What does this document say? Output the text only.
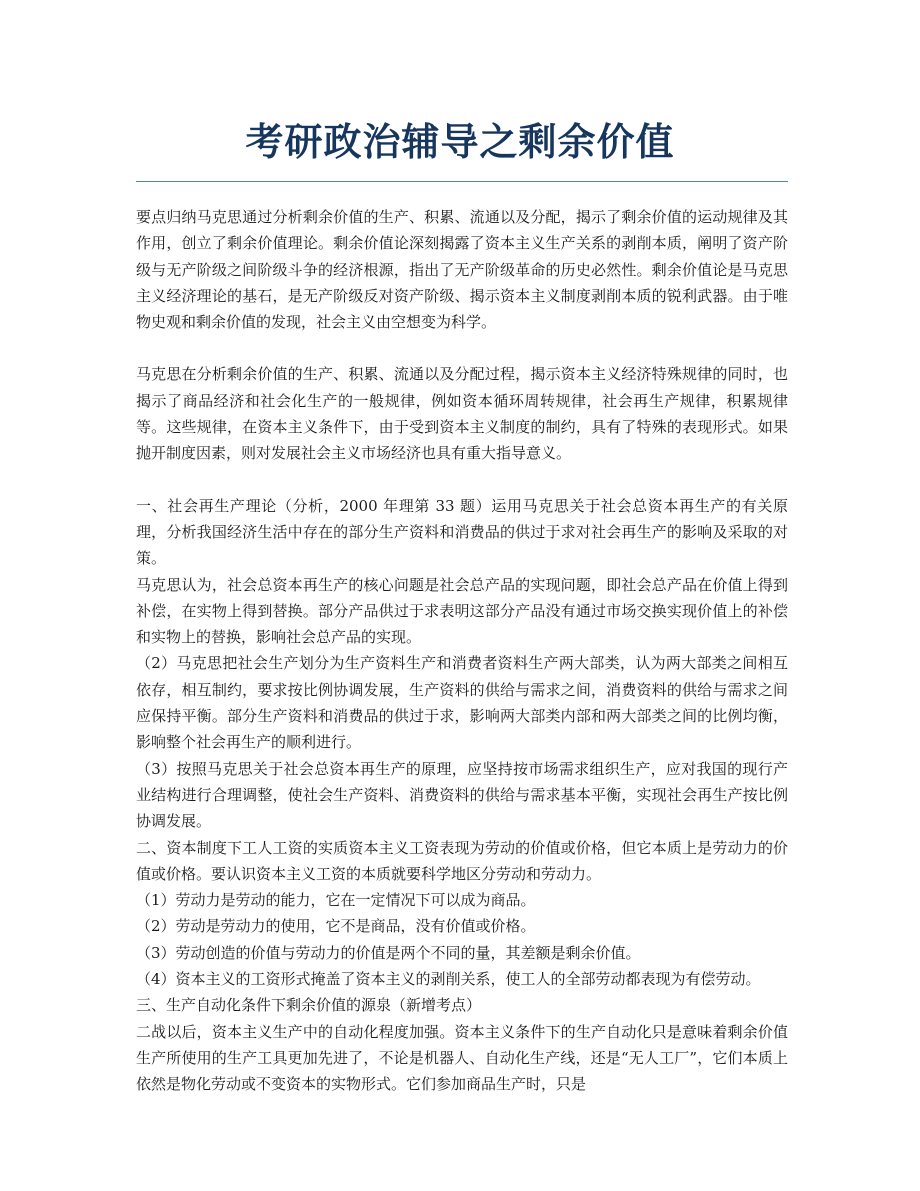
考研政治辅导之剩余价值

要点归纳马克思通过分析剩余价值的生产、积累、流通以及分配，揭示了剩余价值的运动规律及其作用，创立了剩余价值理论。剩余价值论深刻揭露了资本主义生产关系的剥削本质，阐明了资产阶级与无产阶级之间阶级斗争的经济根源，指出了无产阶级革命的历史必然性。剩余价值论是马克思主义经济理论的基石，是无产阶级反对资产阶级、揭示资本主义制度剥削本质的锐利武器。由于唯物史观和剩余价值的发现，社会主义由空想变为科学。

马克思在分析剩余价值的生产、积累、流通以及分配过程，揭示资本主义经济特殊规律的同时，也揭示了商品经济和社会化生产的一般规律，例如资本循环周转规律，社会再生产规律，积累规律等。这些规律，在资本主义条件下，由于受到资本主义制度的制约，具有了特殊的表现形式。如果抛开制度因素，则对发展社会主义市场经济也具有重大指导意义。

一、社会再生产理论（分析，2000 年理第 33 题）运用马克思关于社会总资本再生产的有关原理，分析我国经济生活中存在的部分生产资料和消费品的供过于求对社会再生产的影响及采取的对策。

马克思认为，社会总资本再生产的核心问题是社会总产品的实现问题，即社会总产品在价值上得到补偿，在实物上得到替换。部分产品供过于求表明这部分产品没有通过市场交换实现价值上的补偿和实物上的替换，影响社会总产品的实现。

（2）马克思把社会生产划分为生产资料生产和消费者资料生产两大部类，认为两大部类之间相互依存，相互制约，要求按比例协调发展，生产资料的供给与需求之间，消费资料的供给与需求之间应保持平衡。部分生产资料和消费品的供过于求，影响两大部类内部和两大部类之间的比例均衡，影响整个社会再生产的顺利进行。

（3）按照马克思关于社会总资本再生产的原理，应坚持按市场需求组织生产，应对我国的现行产业结构进行合理调整，使社会生产资料、消费资料的供给与需求基本平衡，实现社会再生产按比例协调发展。

二、资本制度下工人工资的实质资本主义工资表现为劳动的价值或价格，但它本质上是劳动力的价值或价格。要认识资本主义工资的本质就要科学地区分劳动和劳动力。

（1）劳动力是劳动的能力，它在一定情况下可以成为商品。

（2）劳动是劳动力的使用，它不是商品，没有价值或价格。

（3）劳动创造的价值与劳动力的价值是两个不同的量，其差额是剩余价值。

（4）资本主义的工资形式掩盖了资本主义的剥削关系，使工人的全部劳动都表现为有偿劳动。

三、生产自动化条件下剩余价值的源泉（新增考点）

二战以后，资本主义生产中的自动化程度加强。资本主义条件下的生产自动化只是意味着剩余价值生产所使用的生产工具更加先进了，不论是机器人、自动化生产线，还是“无人工厂”，它们本质上依然是物化劳动或不变资本的实物形式。它们参加商品生产时，只是
